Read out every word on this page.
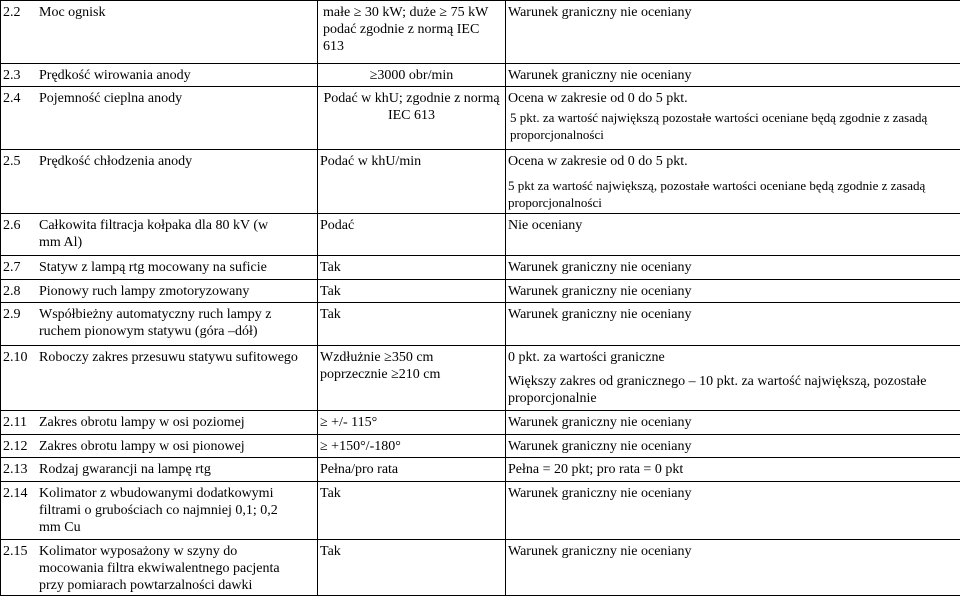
2.2 Moc ognisk	małe ≥ 30 kW; duże ≥ 75 kW podać zgodnie z normą IEC 613	Warunek graniczny nie oceniany
2.3 Prędkość wirowania anody	≥3000 obr/min	Warunek graniczny nie oceniany
2.4 Pojemność cieplna anody	Podać w khU; zgodnie z normą IEC 613	Ocena w zakresie od 0 do 5 pkt.
5 pkt. za wartość największą pozostałe wartości oceniane będą zgodnie z zasadą proporcjonalności

2.5 Prędkość chłodzenia anody	Podać w khU/min	Ocena w zakresie od 0 do 5 pkt.
5 pkt za wartość największą, pozostałe wartości oceniane będą zgodnie z zasadą proporcjonalności

2.6 Całkowita filtracja kołpaka dla 80 kV (w mm Al)	Podać	Nie oceniany
2.7 Statyw z lampą rtg mocowany na suficie	Tak	Warunek graniczny nie oceniany
2.8 Pionowy ruch lampy zmotoryzowany	Tak	Warunek graniczny nie oceniany
2.9 Współbieżny automatyczny ruch lampy z ruchem pionowym statywu (góra –dół)	Tak	Warunek graniczny nie oceniany
2.10 Roboczy zakres przesuwu statywu sufitowego	Wzdłużnie ≥350 cm poprzecznie ≥210 cm	0 pkt. za wartości graniczne
Większy zakres od granicznego – 10 pkt. za wartość największą, pozostałe proporcjonalnie

2.11 Zakres obrotu lampy w osi poziomej	≥ +/- 115°	Warunek graniczny nie oceniany
2.12 Zakres obrotu lampy w osi pionowej	≥ +150°/-180°	Warunek graniczny nie oceniany
2.13 Rodzaj gwarancji na lampę rtg	Pełna/pro rata	Pełna = 20 pkt; pro rata = 0 pkt
2.14 Kolimator z wbudowanymi dodatkowymi filtrami o grubościach co najmniej 0,1; 0,2 mm Cu	Tak	Warunek graniczny nie oceniany
2.15 Kolimator wyposażony w szyny do mocowania filtra ekwiwalentnego pacjenta przy pomiarach powtarzalności dawki	Tak	Warunek graniczny nie oceniany
